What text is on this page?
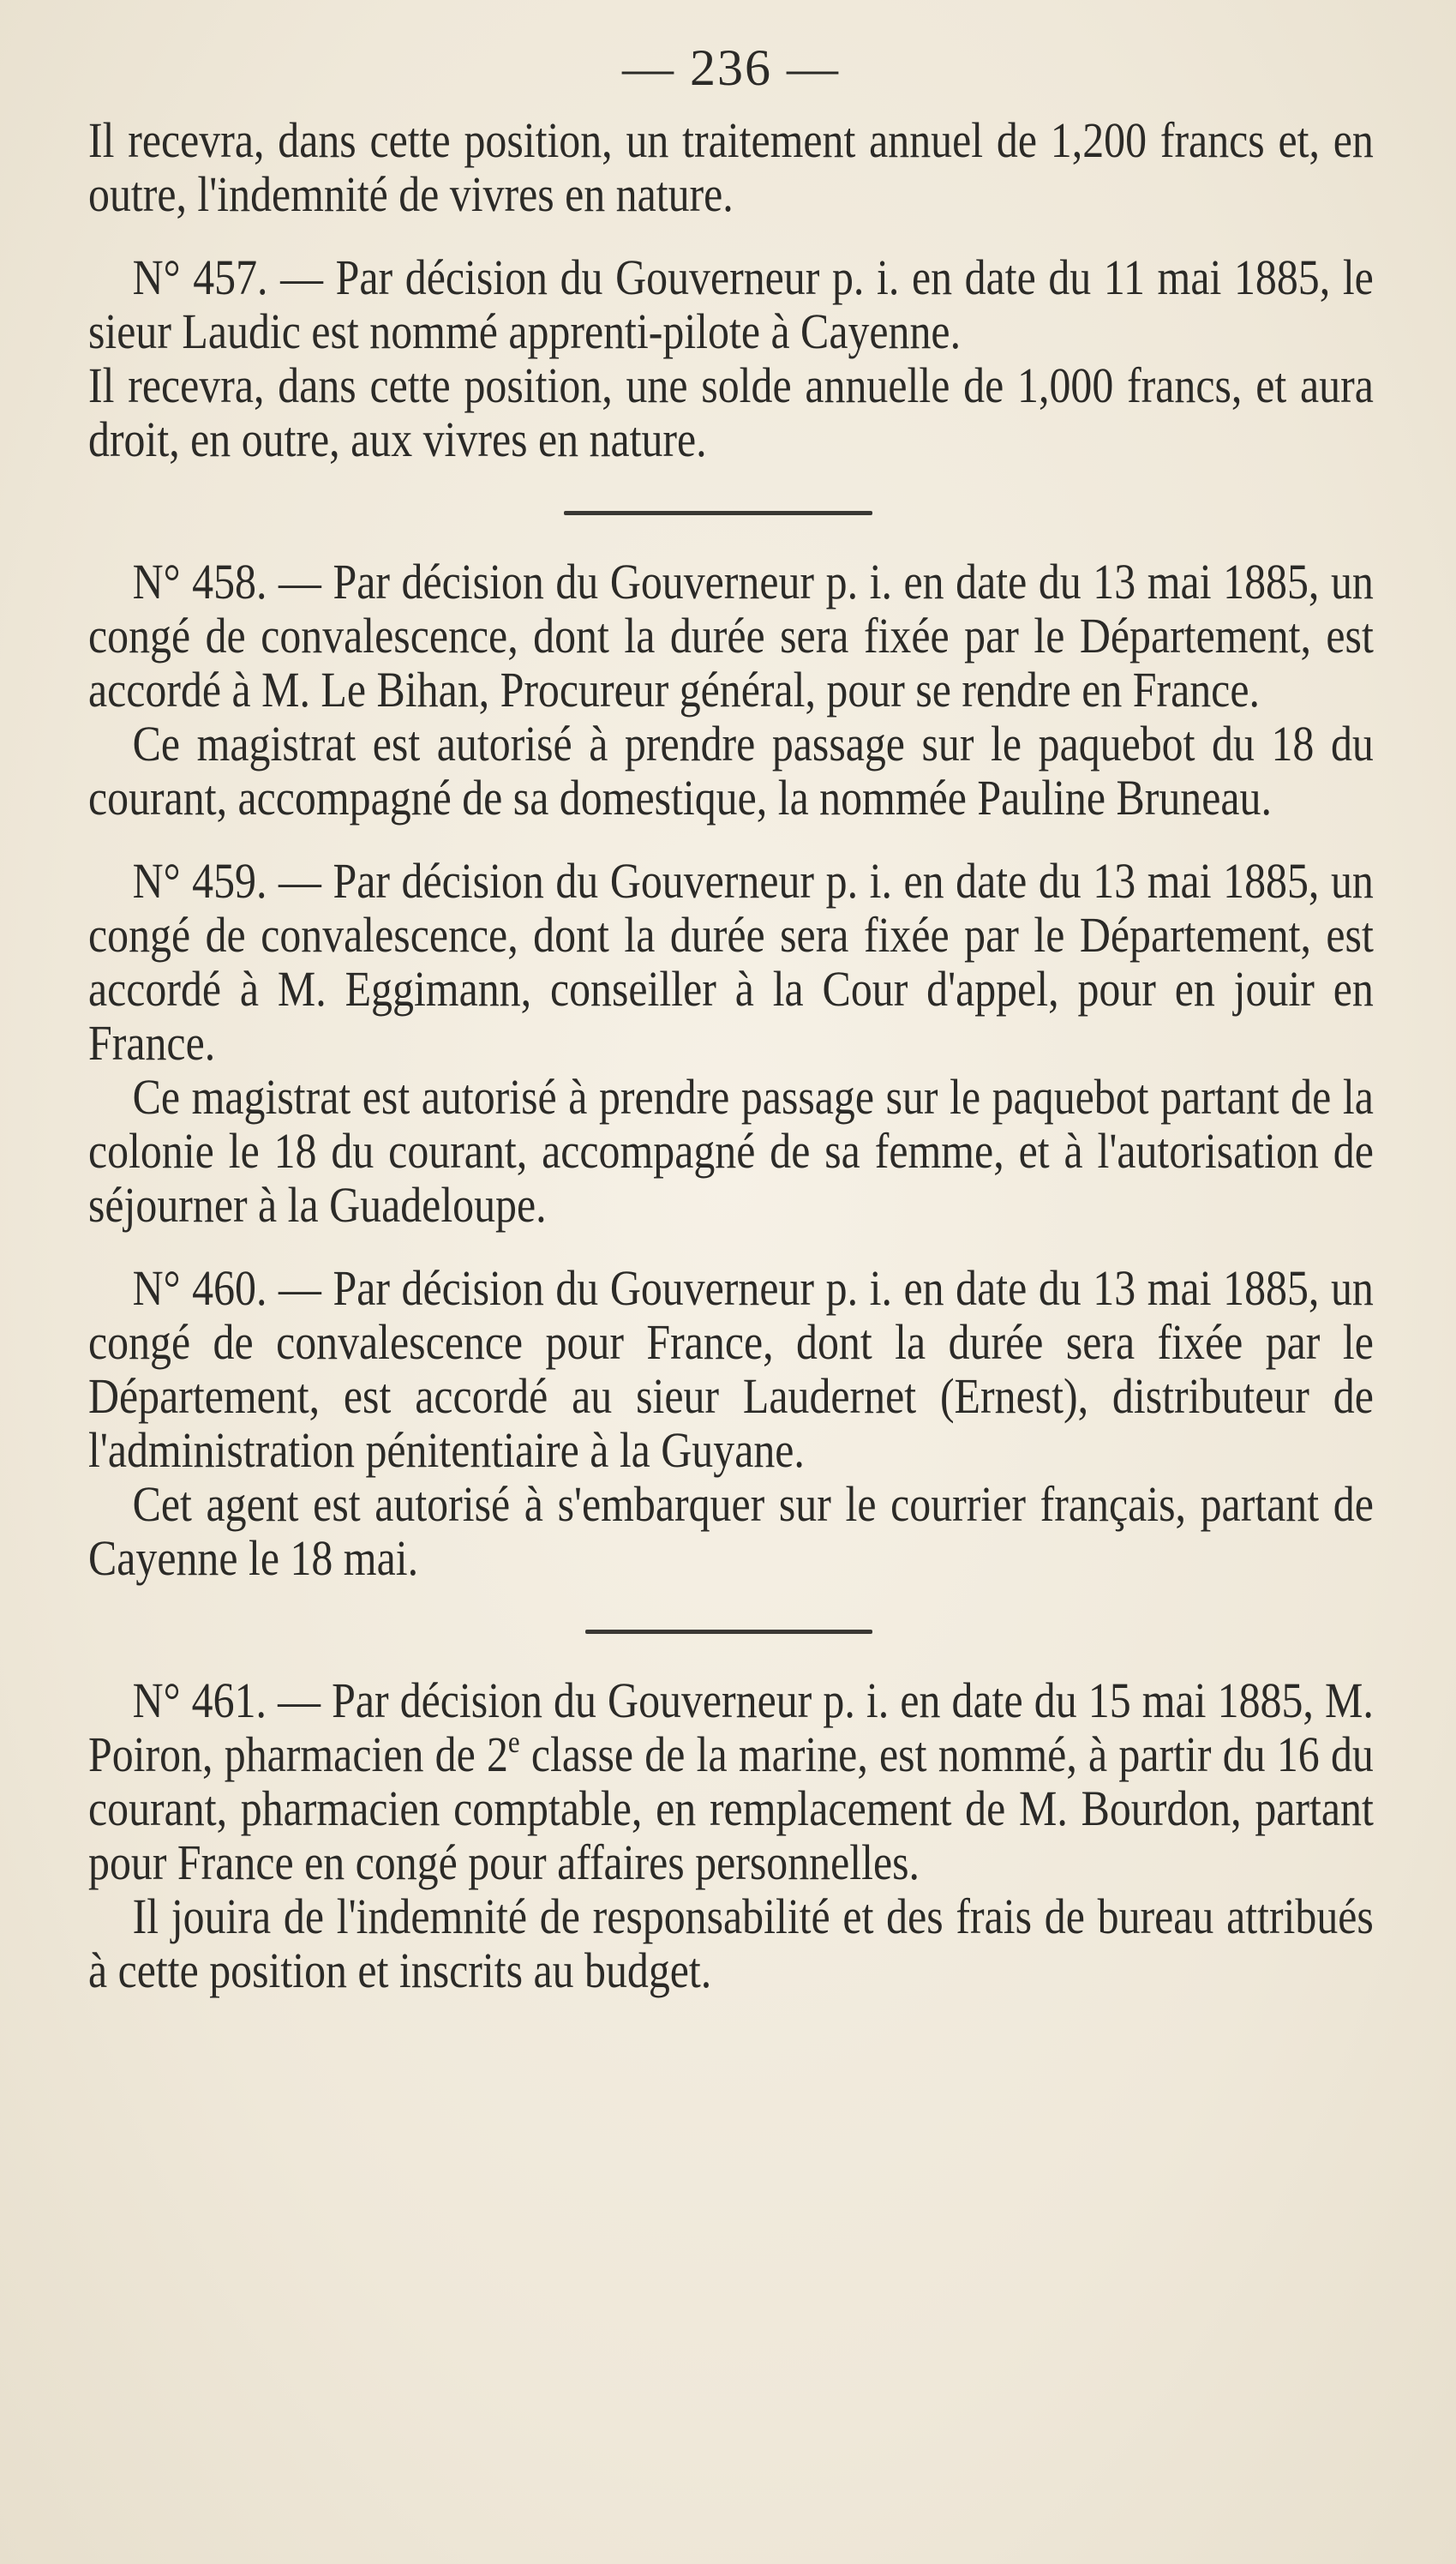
— 236 —

Il recevra, dans cette position, un traitement annuel de 1,200 francs et, en outre, l'indemnité de vivres en nature.

N° 457. — Par décision du Gouverneur p. i. en date du 11 mai 1885, le sieur Laudic est nommé apprenti-pilote à Cayenne.

Il recevra, dans cette position, une solde annuelle de 1,000 francs, et aura droit, en outre, aux vivres en nature.

N° 458. — Par décision du Gouverneur p. i. en date du 13 mai 1885, un congé de convalescence, dont la durée sera fixée par le Département, est accordé à M. Le Bihan, Procureur général, pour se rendre en France.

Ce magistrat est autorisé à prendre passage sur le paquebot du 18 du courant, accompagné de sa domestique, la nommée Pauline Bruneau.

N° 459. — Par décision du Gouverneur p. i. en date du 13 mai 1885, un congé de convalescence, dont la durée sera fixée par le Département, est accordé à M. Eggimann, conseiller à la Cour d'appel, pour en jouir en France.

Ce magistrat est autorisé à prendre passage sur le paquebot partant de la colonie le 18 du courant, accompagné de sa femme, et à l'autorisation de séjourner à la Guadeloupe.

N° 460. — Par décision du Gouverneur p. i. en date du 13 mai 1885, un congé de convalescence pour France, dont la durée sera fixée par le Département, est accordé au sieur Laudernet (Ernest), distributeur de l'administration pénitentiaire à la Guyane.

Cet agent est autorisé à s'embarquer sur le courrier français, partant de Cayenne le 18 mai.

N° 461. — Par décision du Gouverneur p. i. en date du 15 mai 1885, M. Poiron, pharmacien de 2e classe de la marine, est nommé, à partir du 16 du courant, pharmacien comptable, en remplacement de M. Bourdon, partant pour France en congé pour affaires personnelles.

Il jouira de l'indemnité de responsabilité et des frais de bureau attribués à cette position et inscrits au budget.
